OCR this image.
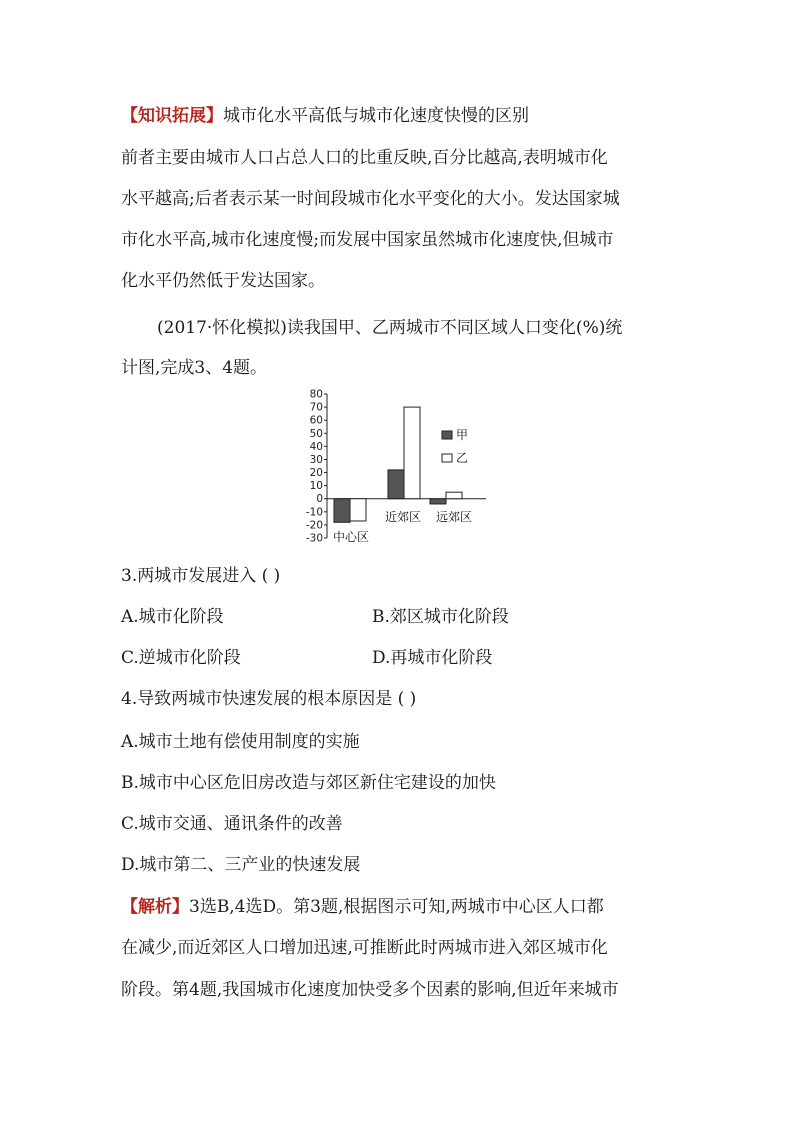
【知识拓展】城市化水平高低与城市化速度快慢的区别
前者主要由城市人口占总人口的比重反映,百分比越高,表明城市化
水平越高;后者表示某一时间段城市化水平变化的大小。发达国家城
市化水平高,城市化速度慢;而发展中国家虽然城市化速度快,但城市
化水平仍然低于发达国家。
(2017·怀化模拟)读我国甲、乙两城市不同区域人口变化(%)统
计图,完成3、4题。
80
70
60
50
40
30
20
10
0
-10
-20
-30 中心区
近郊区 远郊区
甲
乙
3.两城市发展进入 ( )
A.城市化阶段	B.郊区城市化阶段
C.逆城市化阶段	D.再城市化阶段
4.导致两城市快速发展的根本原因是 ( )
A.城市土地有偿使用制度的实施
B.城市中心区危旧房改造与郊区新住宅建设的加快
C.城市交通、通讯条件的改善
D.城市第二、三产业的快速发展
【解析】3选B,4选D。第3题,根据图示可知,两城市中心区人口都
在减少,而近郊区人口增加迅速,可推断此时两城市进入郊区城市化
阶段。第4题,我国城市化速度加快受多个因素的影响,但近年来城市
